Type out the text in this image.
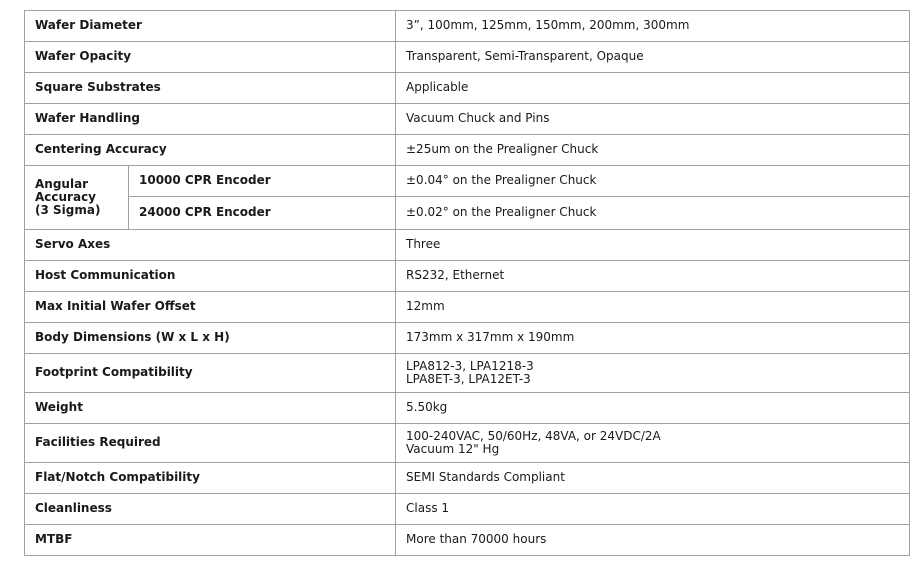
Wafer Diameter		3”, 100mm, 125mm, 150mm, 200mm, 300mm

Wafer Opacity		Transparent, Semi-Transparent, Opaque

Square Substrates		Applicable

Wafer Handling		Vacuum Chuck and Pins

Centering Accuracy		±25um on the Prealigner Chuck

Angular
Accuracy
(3 Sigma)	10000 CPR Encoder	±0.04° on the Prealigner Chuck

	24000 CPR Encoder	±0.02° on the Prealigner Chuck

Servo Axes		Three

Host Communication		RS232, Ethernet

Max Initial Wafer Offset		12mm

Body Dimensions (W x L x H)		173mm x 317mm x 190mm

Footprint Compatibility		LPA812-3, LPA1218-3
LPA8ET-3, LPA12ET-3

Weight		5.50kg

Facilities Required		100-240VAC, 50/60Hz, 48VA, or 24VDC/2A
Vacuum 12" Hg

Flat/Notch Compatibility		SEMI Standards Compliant

Cleanliness		Class 1

MTBF		More than 70000 hours
